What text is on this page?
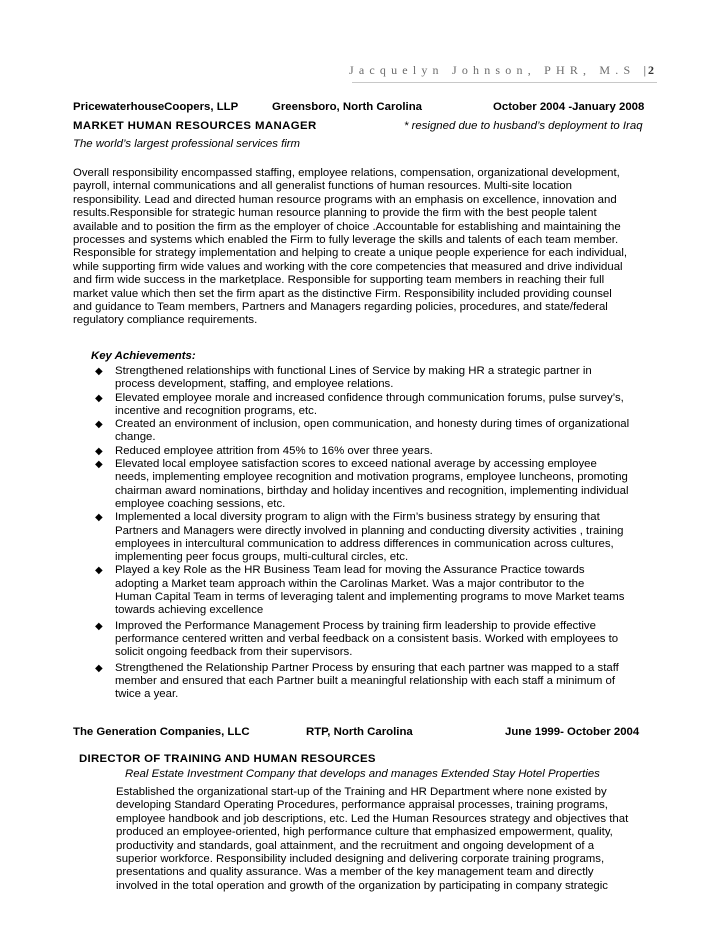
Jacquelyn Johnson, PHR, M.S |2
PricewaterhouseCoopers, LLP	Greensboro, North Carolina	October 2004 -January 2008
MARKET HUMAN RESOURCES MANAGER	* resigned due to husband’s deployment to Iraq
The world’s largest professional services firm
Overall responsibility encompassed staffing, employee relations, compensation, organizational development,
payroll, internal communications and all generalist functions of human resources. Multi-site location
responsibility. Lead and directed human resource programs with an emphasis on excellence, innovation and
results.Responsible for strategic human resource planning to provide the firm with the best people talent
available and to position the firm as the employer of choice .Accountable for establishing and maintaining the
processes and systems which enabled the Firm to fully leverage the skills and talents of each team member.
Responsible for strategy implementation and helping to create a unique people experience for each individual,
while supporting firm wide values and working with the core competencies that measured and drive individual
and firm wide success in the marketplace. Responsible for supporting team members in reaching their full
market value which then set the firm apart as the distinctive Firm. Responsibility included providing counsel
and guidance to Team members, Partners and Managers regarding policies, procedures, and state/federal
regulatory compliance requirements.
Key Achievements:
◆ Strengthened relationships with functional Lines of Service by making HR a strategic partner in
process development, staffing, and employee relations.
◆ Elevated employee morale and increased confidence through communication forums, pulse survey’s,
incentive and recognition programs, etc.
◆ Created an environment of inclusion, open communication, and honesty during times of organizational
change.
◆ Reduced employee attrition from 45% to 16% over three years.
◆ Elevated local employee satisfaction scores to exceed national average by accessing employee
needs, implementing employee recognition and motivation programs, employee luncheons, promoting
chairman award nominations, birthday and holiday incentives and recognition, implementing individual
employee coaching sessions, etc.
◆ Implemented a local diversity program to align with the Firm’s business strategy by ensuring that
Partners and Managers were directly involved in planning and conducting diversity activities , training
employees in intercultural communication to address differences in communication across cultures,
implementing peer focus groups, multi-cultural circles, etc.
◆ Played a key Role as the HR Business Team lead for moving the Assurance Practice towards
adopting a Market team approach within the Carolinas Market. Was a major contributor to the
Human Capital Team in terms of leveraging talent and implementing programs to move Market teams
towards achieving excellence
◆ Improved the Performance Management Process by training firm leadership to provide effective
performance centered written and verbal feedback on a consistent basis. Worked with employees to
solicit ongoing feedback from their supervisors.
◆ Strengthened the Relationship Partner Process by ensuring that each partner was mapped to a staff
member and ensured that each Partner built a meaningful relationship with each staff a minimum of
twice a year.
The Generation Companies, LLC	RTP, North Carolina	June 1999- October 2004
DIRECTOR OF TRAINING AND HUMAN RESOURCES
Real Estate Investment Company that develops and manages Extended Stay Hotel Properties
Established the organizational start-up of the Training and HR Department where none existed by
developing Standard Operating Procedures, performance appraisal processes, training programs,
employee handbook and job descriptions, etc. Led the Human Resources strategy and objectives that
produced an employee-oriented, high performance culture that emphasized empowerment, quality,
productivity and standards, goal attainment, and the recruitment and ongoing development of a
superior workforce. Responsibility included designing and delivering corporate training programs,
presentations and quality assurance. Was a member of the key management team and directly
involved in the total operation and growth of the organization by participating in company strategic
